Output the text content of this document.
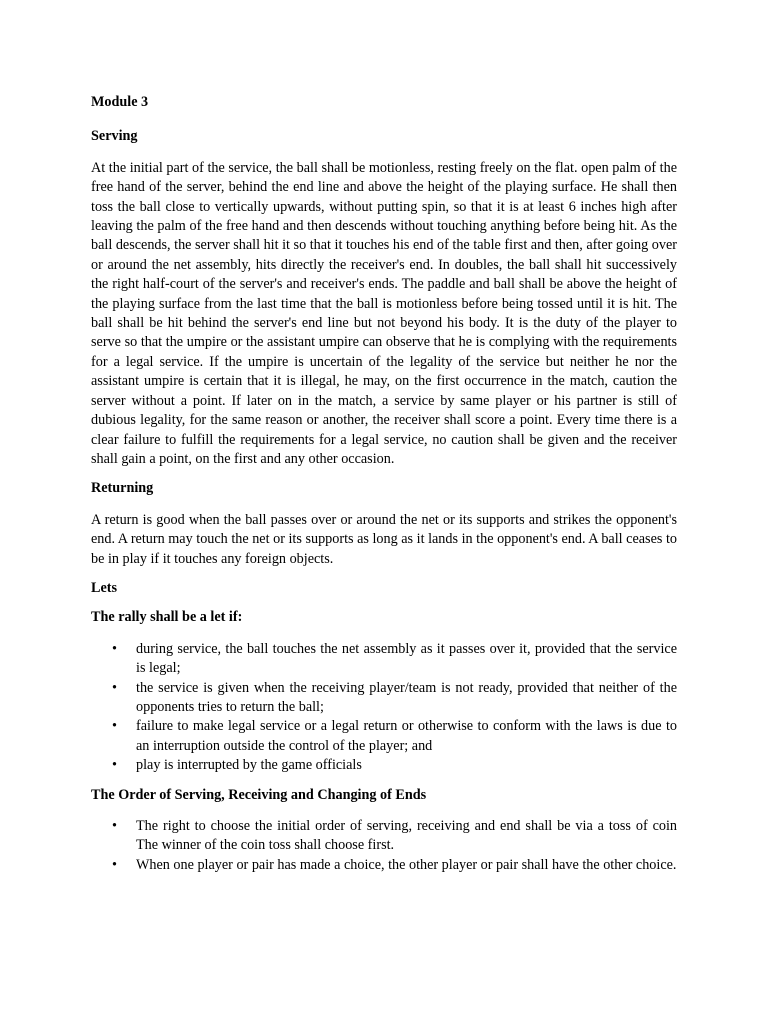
Module 3

Serving

At the initial part of the service, the ball shall be motionless, resting freely on the flat. open palm of the free hand of the server, behind the end line and above the height of the playing surface. He shall then toss the ball close to vertically upwards, without putting spin, so that it is at least 6 inches high after leaving the palm of the free hand and then descends without touching anything before being hit. As the ball descends, the server shall hit it so that it touches his end of the table first and then, after going over or around the net assembly, hits directly the receiver's end. In doubles, the ball shall hit successively the right half-court of the server's and receiver's ends. The paddle and ball shall be above the height of the playing surface from the last time that the ball is motionless before being tossed until it is hit. The ball shall be hit behind the server's end line but not beyond his body. It is the duty of the player to serve so that the umpire or the assistant umpire can observe that he is complying with the requirements for a legal service. If the umpire is uncertain of the legality of the service but neither he nor the assistant umpire is certain that it is illegal, he may, on the first occurrence in the match, caution the server without a point. If later on in the match, a service by same player or his partner is still of dubious legality, for the same reason or another, the receiver shall score a point. Every time there is a clear failure to fulfill the requirements for a legal service, no caution shall be given and the receiver shall gain a point, on the first and any other occasion.

Returning

A return is good when the ball passes over or around the net or its supports and strikes the opponent's end. A return may touch the net or its supports as long as it lands in the opponent's end. A ball ceases to be in play if it touches any foreign objects.

Lets

The rally shall be a let if:

• during service, the ball touches the net assembly as it passes over it, provided that the service is legal;
• the service is given when the receiving player/team is not ready, provided that neither of the opponents tries to return the ball;
• failure to make legal service or a legal return or otherwise to conform with the laws is due to an interruption outside the control of the player; and
• play is interrupted by the game officials

The Order of Serving, Receiving and Changing of Ends

• The right to choose the initial order of serving, receiving and end shall be via a toss of coin The winner of the coin toss shall choose first.
• When one player or pair has made a choice, the other player or pair shall have the other choice.
